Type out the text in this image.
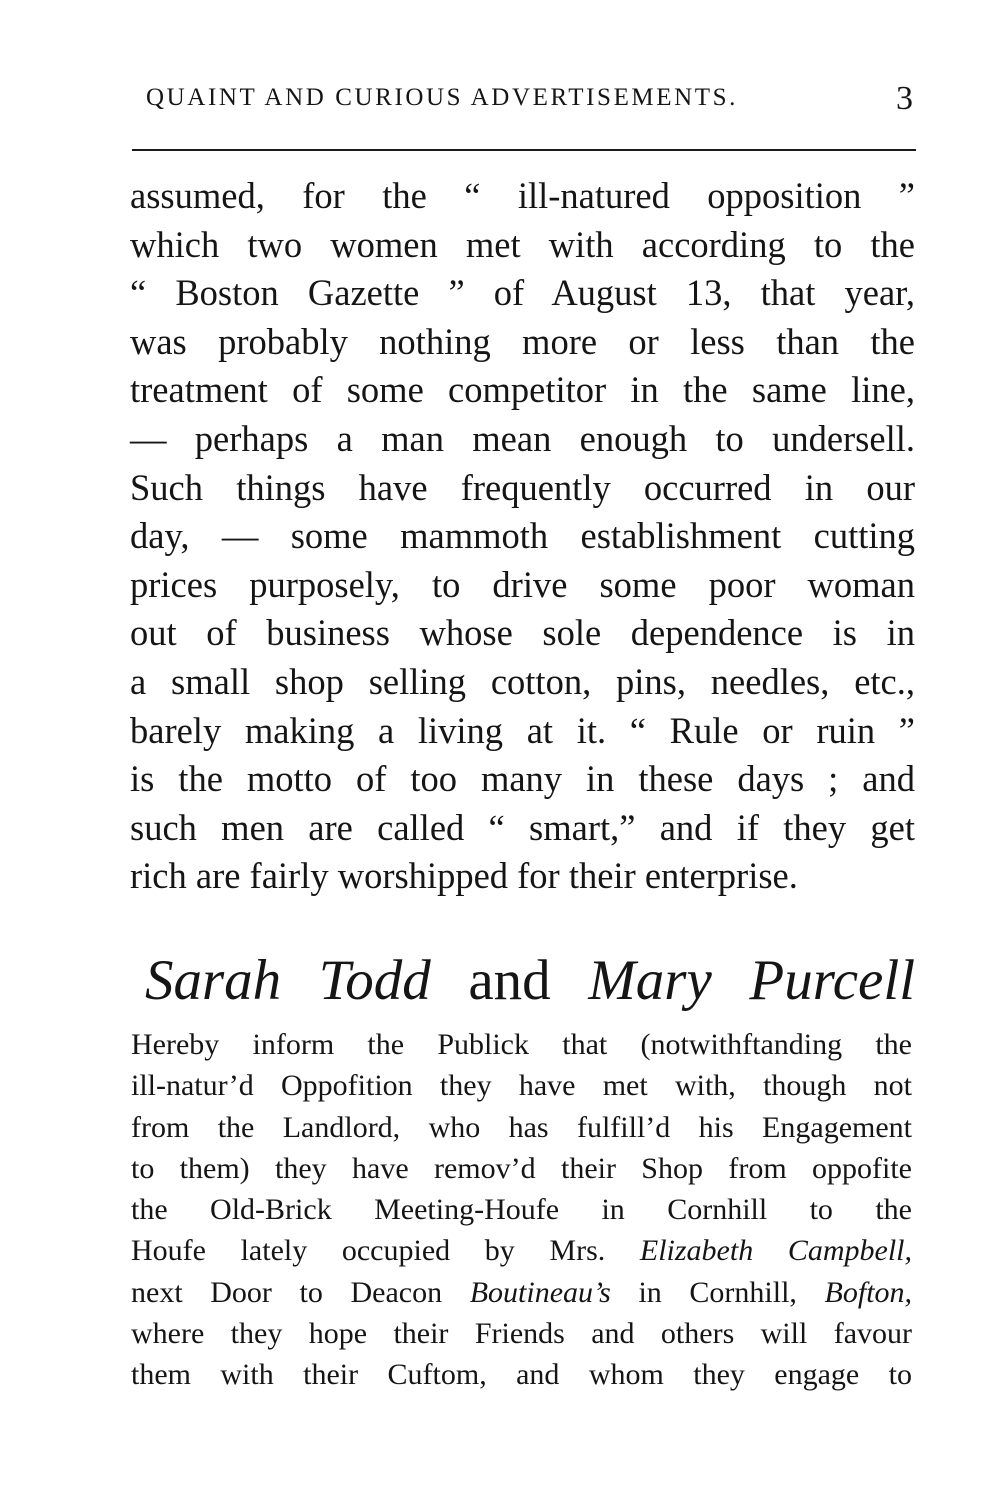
QUAINT AND CURIOUS ADVERTISEMENTS.	3
assumed, for the “ ill-natured opposition ”
which two women met with according to the
“ Boston Gazette ” of August 13, that year,
was probably nothing more or less than the
treatment of some competitor in the same line,
— perhaps a man mean enough to undersell.
Such things have frequently occurred in our
day, — some mammoth establishment cutting
prices purposely, to drive some poor woman
out of business whose sole dependence is in
a small shop selling cotton, pins, needles, etc.,
barely making a living at it. “ Rule or ruin ”
is the motto of too many in these days ; and
such men are called “ smart,” and if they get
rich are fairly worshipped for their enterprise.
Sarah Todd and Mary Purcell
Hereby inform the Publick that (notwithftanding the
ill-natur’d Oppofition they have met with, though not
from the Landlord, who has fulfill’d his Engagement
to them) they have remov’d their Shop from oppofite
the Old-Brick Meeting-Houfe in Cornhill to the
Houfe lately occupied by Mrs. Elizabeth Campbell,
next Door to Deacon Boutineau’s in Cornhill, Bofton,
where they hope their Friends and others will favour
them with their Cuftom, and whom they engage to
